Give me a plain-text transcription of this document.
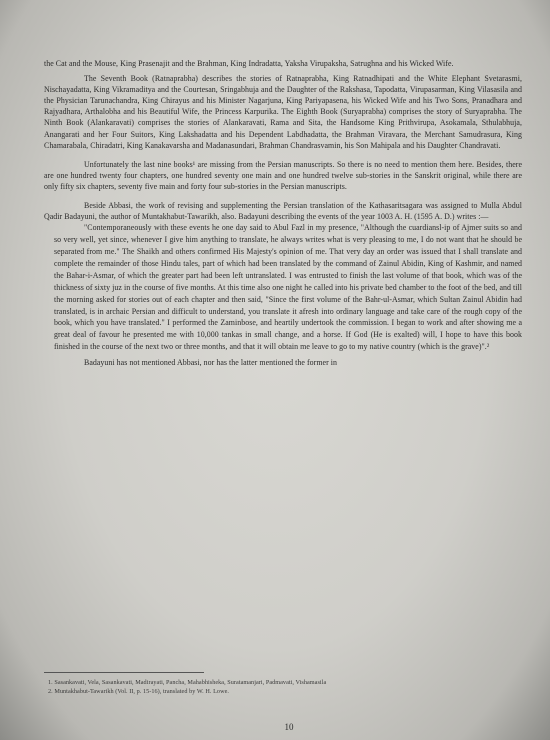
the Cat and the Mouse, King Prasenajit and the Brahman, King Indradatta, Yaksha Virupaksha, Satrughna and his Wicked Wife.

The Seventh Book (Ratnaprabha) describes the stories of Ratnaprabha, King Ratnadhipati and the White Elephant Svetarasmi, Nischayadatta, King Vikramaditya and the Courtesan, Sringabhuja and the Daughter of the Rakshasa, Tapodatta, Virupasarman, King Vilasasila and the Physician Tarunachandra, King Chirayus and his Minister Nagarjuna, King Pariyapasena, his Wicked Wife and his Two Sons, Pranadhara and Rajyadhara, Arthalobha and his Beautiful Wife, the Princess Karpurika. The Eighth Book (Suryaprabha) comprises the story of Suryaprabha. The Ninth Book (Alankaravati) comprises the stories of Alankaravati, Rama and Sita, the Handsome King Prithvirupa, Asokamala, Sthulabhuja, Anangarati and her Four Suitors, King Lakshadatta and his Dependent Labdhadatta, the Brahman Viravara, the Merchant Samudrasura, King Chamarabala, Chiradatri, King Kanakavarsha and Madanasundari, Brahman Chandrasvamin, his Son Mahipala and his Daughter Chandravati.

Unfortunately the last nine books¹ are missing from the Persian manuscripts. So there is no need to mention them here. Besides, there are one hundred twenty four chapters, one hundred seventy one main and one hundred twelve sub-stories in the Sanskrit original, while there are only fifty six chapters, seventy five main and forty four sub-stories in the Persian manuscripts.

Beside Abbasi, the work of revising and supplementing the Persian translation of the Kathasaritsagara was assigned to Mulla Abdul Qadir Badayuni, the author of Muntakhabut-Tawarikh, also. Badayuni describing the events of the year 1003 A. H. (1595 A. D.) writes :—

"Contemporaneously with these events he one day said to Abul Fazl in my presence, "Although the cuardiansl-ip of Ajmer suits so and so very well, yet since, whenever I give him anything to translate, he always writes what is very pleasing to me, I do not want that he should be separated from me." The Shaikh and others confirmed His Majesty's opinion of me. That very day an order was issued that I shall translate and complete the remainder of those Hindu tales, part of which had been translated by the command of Zainul Abidin, King of Kashmir, and named the Bahar-i-Asmar, of which the greater part had been left untranslated. I was entrusted to finish the last volume of that book, which was of the thickness of sixty juz in the course of five months. At this time also one night he called into his private bed chamber to the foot of the bed, and till the morning asked for stories out of each chapter and then said, "Since the first volume of the Bahr-ul-Asmar, which Sultan Zainul Abidin had translated, is in archaic Persian and difficult to understand, you translate it afresh into ordinary language and take care of the rough copy of the book, which you have translated." I performed the Zaminbose, and heartily undertook the commission. I began to work and after showing me a great deal of favour he presented me with 10,000 tankas in small change, and a horse. If God (He is exalted) will, I hope to have this book finished in the course of the next two or three months, and that it will obtain me leave to go to my native country (which is the grave)".²

Badayuni has not mentioned Abbasi, nor has the latter mentioned the former in

1. Sasankavati, Vela, Sasankavati, Madirayati, Pancha, Mahabhisheka, Suratamanjari, Padmavati, Vishamasila

2. Muntakhabut-Tawarikh (Vol. II, p. 15-16), translated by W. H. Lowe.

10
